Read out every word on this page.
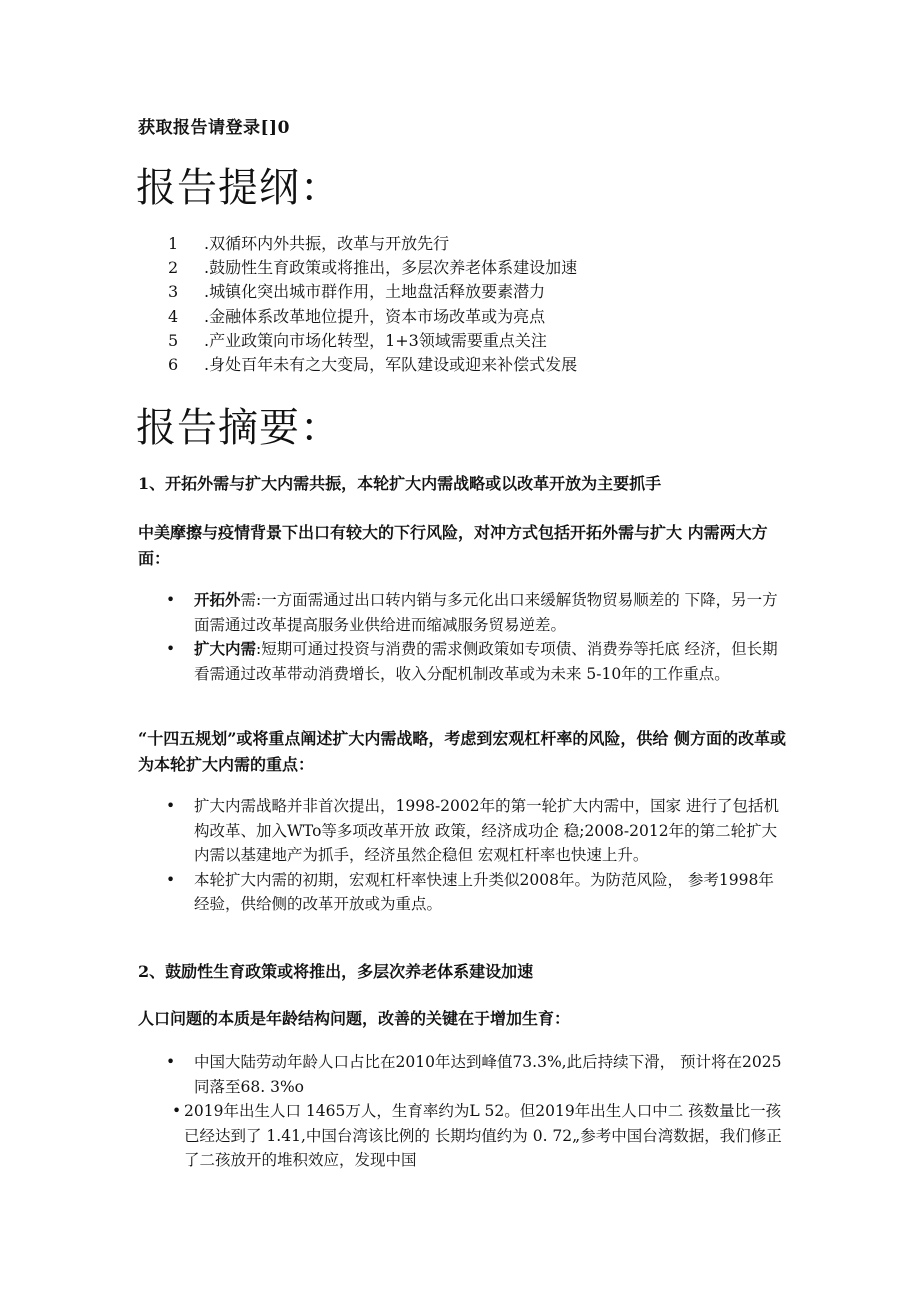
获取报告请登录[]0
报告提纲：
1 .双循环内外共振，改革与开放先行
2 .鼓励性生育政策或将推出，多层次养老体系建设加速
3 .城镇化突出城市群作用，土地盘活释放要素潜力
4 .金融体系改革地位提升，资本市场改革或为亮点
5 .产业政策向市场化转型，1+3领域需要重点关注
6 .身处百年未有之大变局，军队建设或迎来补偿式发展
报告摘要：
1、开拓外需与扩大内需共振，本轮扩大内需战略或以改革开放为主要抓手
中美摩擦与疫情背景下出口有较大的下行风险，对冲方式包括开拓外需与扩大 内需两大方面：
• 开拓外需:一方面需通过出口转内销与多元化出口来缓解货物贸易顺差的 下降，另一方面需通过改革提高服务业供给进而缩减服务贸易逆差。
• 扩大内需:短期可通过投资与消费的需求侧政策如专项债、消费券等托底 经济，但长期看需通过改革带动消费增长，收入分配机制改革或为未来 5-10年的工作重点。
“十四五规划”或将重点阐述扩大内需战略，考虑到宏观杠杆率的风险，供给 侧方面的改革或为本轮扩大内需的重点：
• 扩大内需战略并非首次提出，1998-2002年的第一轮扩大内需中，国家 进行了包括机构改革、加入WTo等多项改革开放 政策，经济成功企 稳;2008-2012年的第二轮扩大内需以基建地产为抓手，经济虽然企稳但 宏观杠杆率也快速上升。
• 本轮扩大内需的初期，宏观杠杆率快速上升类似2008年。为防范风险， 参考1998年经验，供给侧的改革开放或为重点。
2、鼓励性生育政策或将推出，多层次养老体系建设加速
人口问题的本质是年龄结构问题，改善的关键在于增加生育：
• 中国大陆劳动年龄人口占比在2010年达到峰值73.3%,此后持续下滑， 预计将在2025同落至68. 3%o
• 2019年出生人口 1465万人，生育率约为L 52。但2019年出生人口中二 孩数量比一孩已经达到了 1.41,中国台湾该比例的 长期均值约为 0. 72„参考中国台湾数据，我们修正了二孩放开的堆积效应，发现中国
